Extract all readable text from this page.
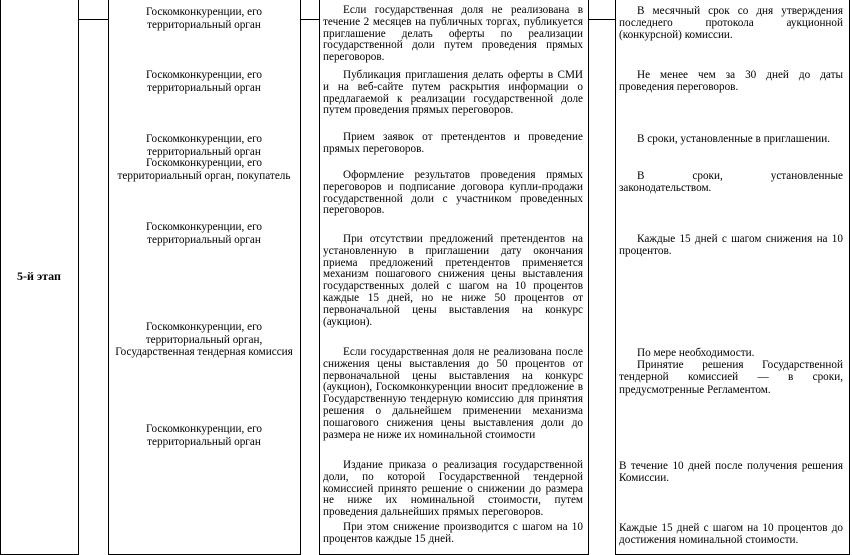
5-й этап
Госкомконкуренции, его территориальный орган
Госкомконкуренции, его территориальный орган
Госкомконкуренции, его территориальный орган
Госкомконкуренции, его территориальный орган, покупатель
Госкомконкуренции, его территориальный орган
Госкомконкуренции, его территориальный орган, Государственная тендерная комиссия
Госкомконкуренции, его территориальный орган

Если государственная доля не реализована в течение 2 месяцев на публичных торгах, публикуется приглашение делать оферты по реализации государственной доли путем проведения прямых переговоров.

Публикация приглашения делать оферты в СМИ и на веб-сайте путем раскрытия информации о предлагаемой к реализации государственной доле путем проведения прямых переговоров.

Прием заявок от претендентов и проведение прямых переговоров.

Оформление результатов проведения прямых переговоров и подписание договора купли-продажи государственной доли с участником проведенных переговоров.

При отсутствии предложений претендентов на установленную в приглашении дату окончания приема предложений претендентов применяется механизм пошагового снижения цены выставления государственных долей с шагом на 10 процентов каждые 15 дней, но не ниже 50 процентов от первоначальной цены выставления на конкурс (аукцион).

Если государственная доля не реализована после снижения цены выставления до 50 процентов от первоначальной цены выставления на конкурс (аукцион), Госкомконкуренции вносит предложение в Государственную тендерную комиссию для принятия решения о дальнейшем применении механизма пошагового снижения цены выставления доли до размера не ниже их номинальной стоимости

Издание приказа о реализация государственной доли, по которой Государственной тендерной комиссией принято решение о снижении до размера не ниже их номинальной стоимости, путем проведения дальнейших прямых переговоров.

При этом снижение производится с шагом на 10 процентов каждые 15 дней.

В месячный срок со дня утверждения последнего протокола аукционной (конкурсной) комиссии.

Не менее чем за 30 дней до даты проведения переговоров.

В сроки, установленные в приглашении.

В сроки, установленные законодательством.

Каждые 15 дней с шагом снижения на 10 процентов.

По мере необходимости.

Принятие решения Государственной тендерной комиссией — в сроки, предусмотренные Регламентом.

В течение 10 дней после получения решения Комиссии.

Каждые 15 дней с шагом на 10 процентов до достижения номинальной стоимости.
